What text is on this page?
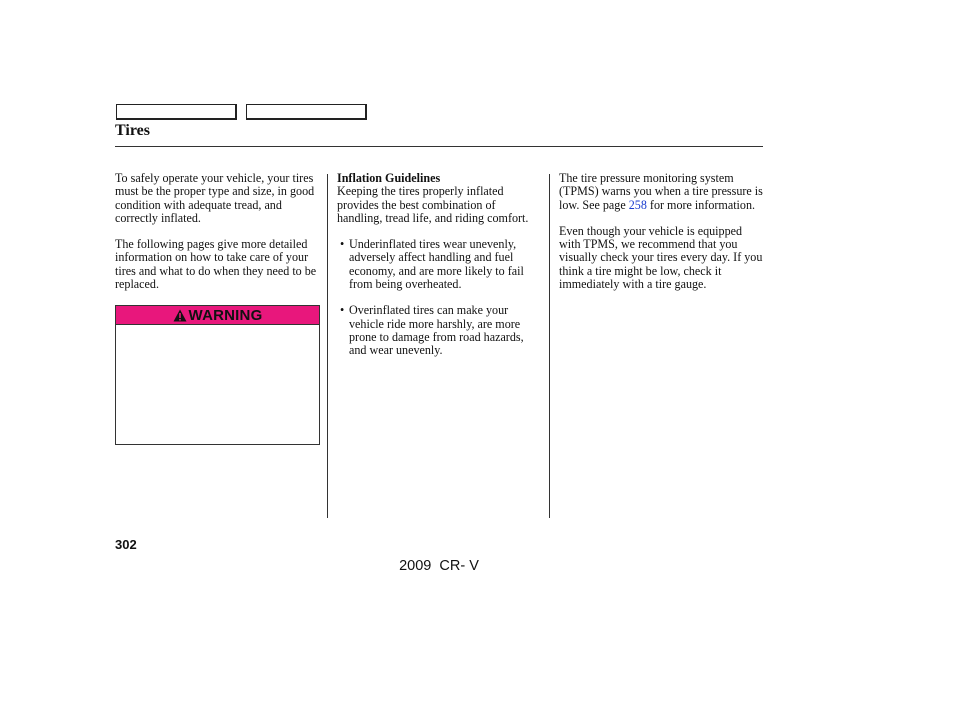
Tires

To safely operate your vehicle, your tires must be the proper type and size, in good condition with adequate tread, and correctly inflated.

The following pages give more detailed information on how to take care of your tires and what to do when they need to be replaced.

WARNING

Inflation Guidelines
Keeping the tires properly inflated provides the best combination of handling, tread life, and riding comfort.

• Underinflated tires wear unevenly, adversely affect handling and fuel economy, and are more likely to fail from being overheated.
• Overinflated tires can make your vehicle ride more harshly, are more prone to damage from road hazards, and wear unevenly.

The tire pressure monitoring system (TPMS) warns you when a tire pressure is low. See page 258 for more information.

Even though your vehicle is equipped with TPMS, we recommend that you visually check your tires every day. If you think a tire might be low, check it immediately with a tire gauge.

302
2009  CR- V
